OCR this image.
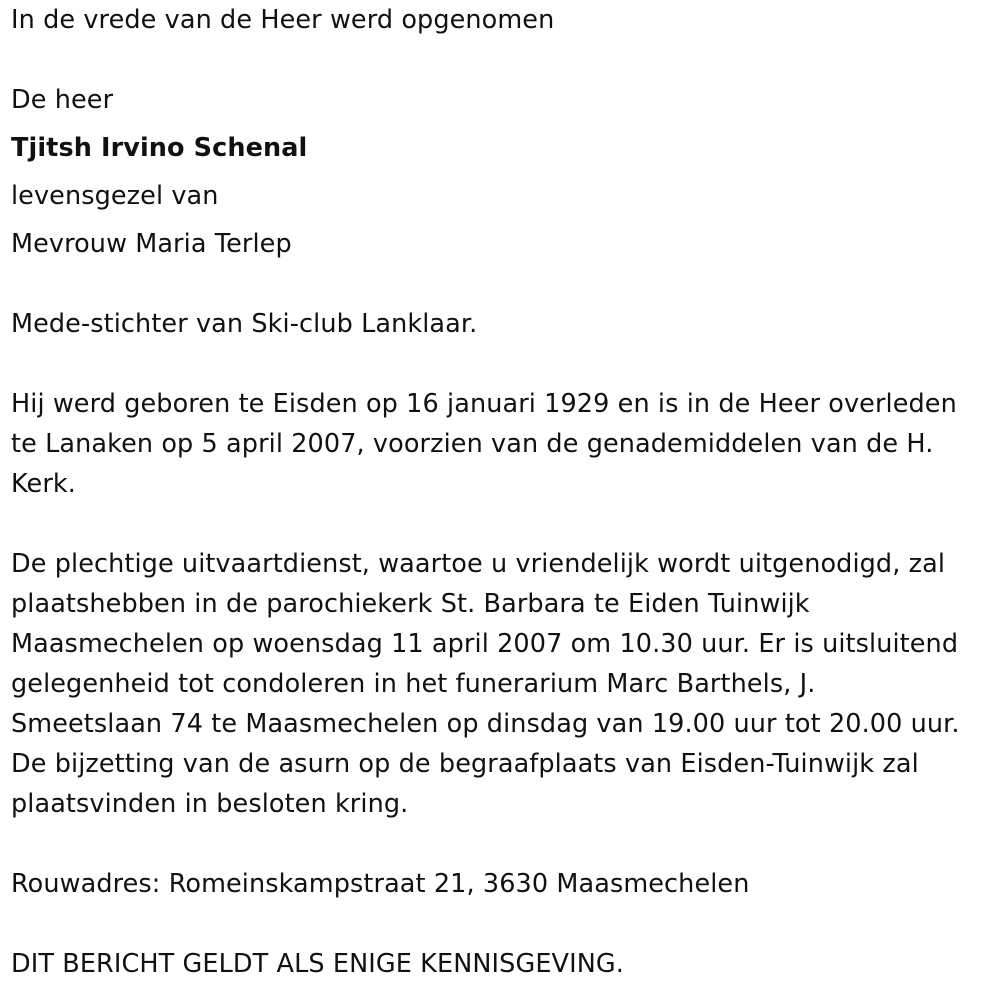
In de vrede van de Heer werd opgenomen
De heer
Tjitsh Irvino Schenal
levensgezel van
Mevrouw Maria Terlep
Mede-stichter van Ski-club Lanklaar.
Hij werd geboren te Eisden op 16 januari 1929 en is in de Heer overleden
te Lanaken op 5 april 2007, voorzien van de genademiddelen van de H.
Kerk.
De plechtige uitvaartdienst, waartoe u vriendelijk wordt uitgenodigd, zal
plaatshebben in de parochiekerk St. Barbara te Eiden Tuinwijk
Maasmechelen op woensdag 11 april 2007 om 10.30 uur. Er is uitsluitend
gelegenheid tot condoleren in het funerarium Marc Barthels, J.
Smeetslaan 74 te Maasmechelen op dinsdag van 19.00 uur tot 20.00 uur.
De bijzetting van de asurn op de begraafplaats van Eisden-Tuinwijk zal
plaatsvinden in besloten kring.
Rouwadres: Romeinskampstraat 21, 3630 Maasmechelen
DIT BERICHT GELDT ALS ENIGE KENNISGEVING.
